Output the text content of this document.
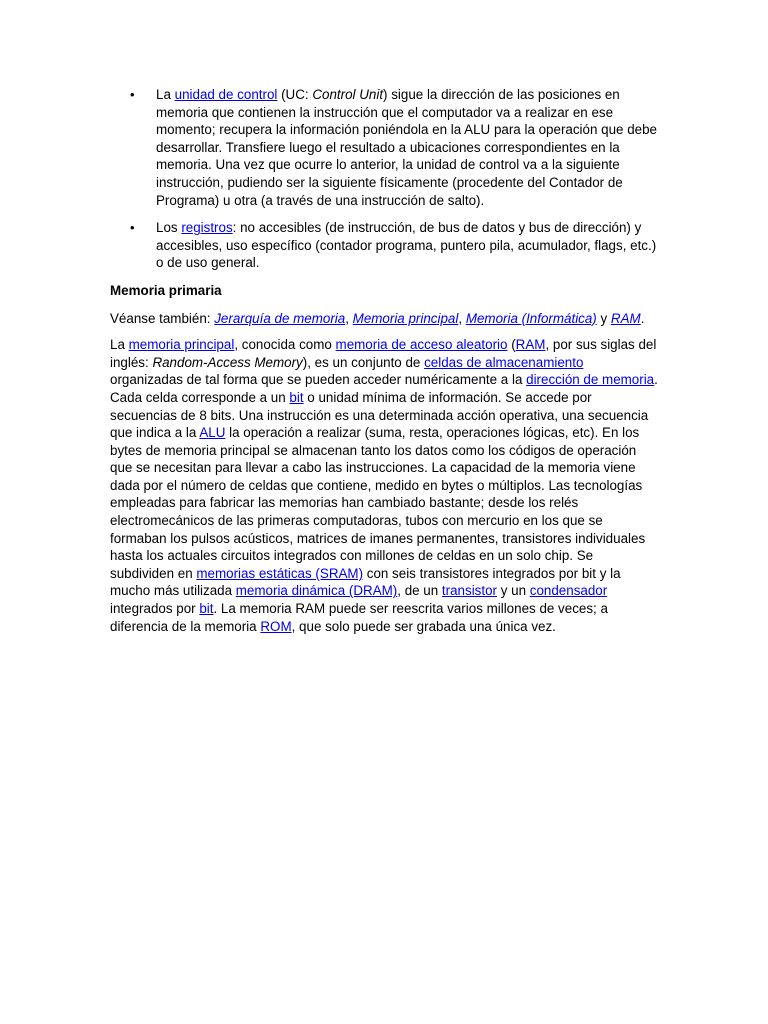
• La unidad de control (UC: Control Unit) sigue la dirección de las posiciones en memoria que contienen la instrucción que el computador va a realizar en ese momento; recupera la información poniéndola en la ALU para la operación que debe desarrollar. Transfiere luego el resultado a ubicaciones correspondientes en la memoria. Una vez que ocurre lo anterior, la unidad de control va a la siguiente instrucción, pudiendo ser la siguiente físicamente (procedente del Contador de Programa) u otra (a través de una instrucción de salto).
• Los registros: no accesibles (de instrucción, de bus de datos y bus de dirección) y accesibles, uso específico (contador programa, puntero pila, acumulador, flags, etc.) o de uso general.
Memoria primaria

Véanse también: Jerarquía de memoria, Memoria principal, Memoria (Informática) y RAM.

La memoria principal, conocida como memoria de acceso aleatorio (RAM, por sus siglas del inglés: Random-Access Memory), es un conjunto de celdas de almacenamiento organizadas de tal forma que se pueden acceder numéricamente a la dirección de memoria. Cada celda corresponde a un bit o unidad mínima de información. Se accede por secuencias de 8 bits. Una instrucción es una determinada acción operativa, una secuencia que indica a la ALU la operación a realizar (suma, resta, operaciones lógicas, etc). En los bytes de memoria principal se almacenan tanto los datos como los códigos de operación que se necesitan para llevar a cabo las instrucciones. La capacidad de la memoria viene dada por el número de celdas que contiene, medido en bytes o múltiplos. Las tecnologías empleadas para fabricar las memorias han cambiado bastante; desde los relés electromecánicos de las primeras computadoras, tubos con mercurio en los que se formaban los pulsos acústicos, matrices de imanes permanentes, transistores individuales hasta los actuales circuitos integrados con millones de celdas en un solo chip. Se subdividen en memorias estáticas (SRAM) con seis transistores integrados por bit y la mucho más utilizada memoria dinámica (DRAM), de un transistor y un condensador integrados por bit. La memoria RAM puede ser reescrita varios millones de veces; a diferencia de la memoria ROM, que solo puede ser grabada una única vez.
